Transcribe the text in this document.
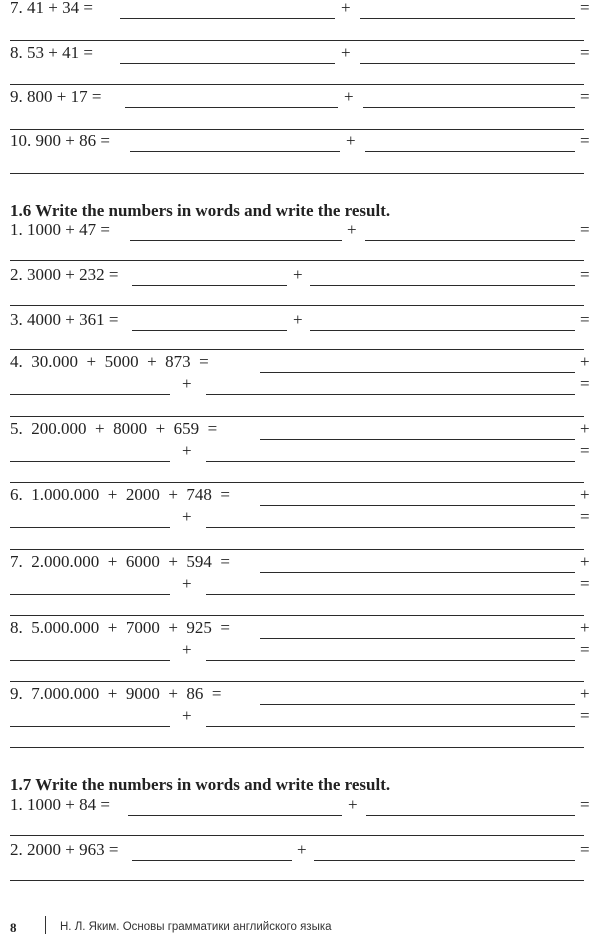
7. 41 + 34 =	+	=
8. 53 + 41 =	+	=
9. 800 + 17 =	+	=
10. 900 + 86 =	+	=
1.6 Write the numbers in words and write the result.
1. 1000 + 47 =	+	=
2. 3000 + 232 =	+	=
3. 4000 + 361 =	+	=
4.  30.000  +  5000  +  873  =	+
+	=
5.  200.000  +  8000  +  659  =	+
+	=
6.  1.000.000  +  2000  +  748  =	+
+	=
7.  2.000.000  +  6000  +  594  =	+
+	=
8.  5.000.000  +  7000  +  925  =	+
+	=
9.  7.000.000  +  9000  +  86  =	+
+	=
1.7 Write the numbers in words and write the result.
1. 1000 + 84 =	+	=
2. 2000 + 963 =	+	=
8	Н. Л. Яким. Основы грамматики английского языка
